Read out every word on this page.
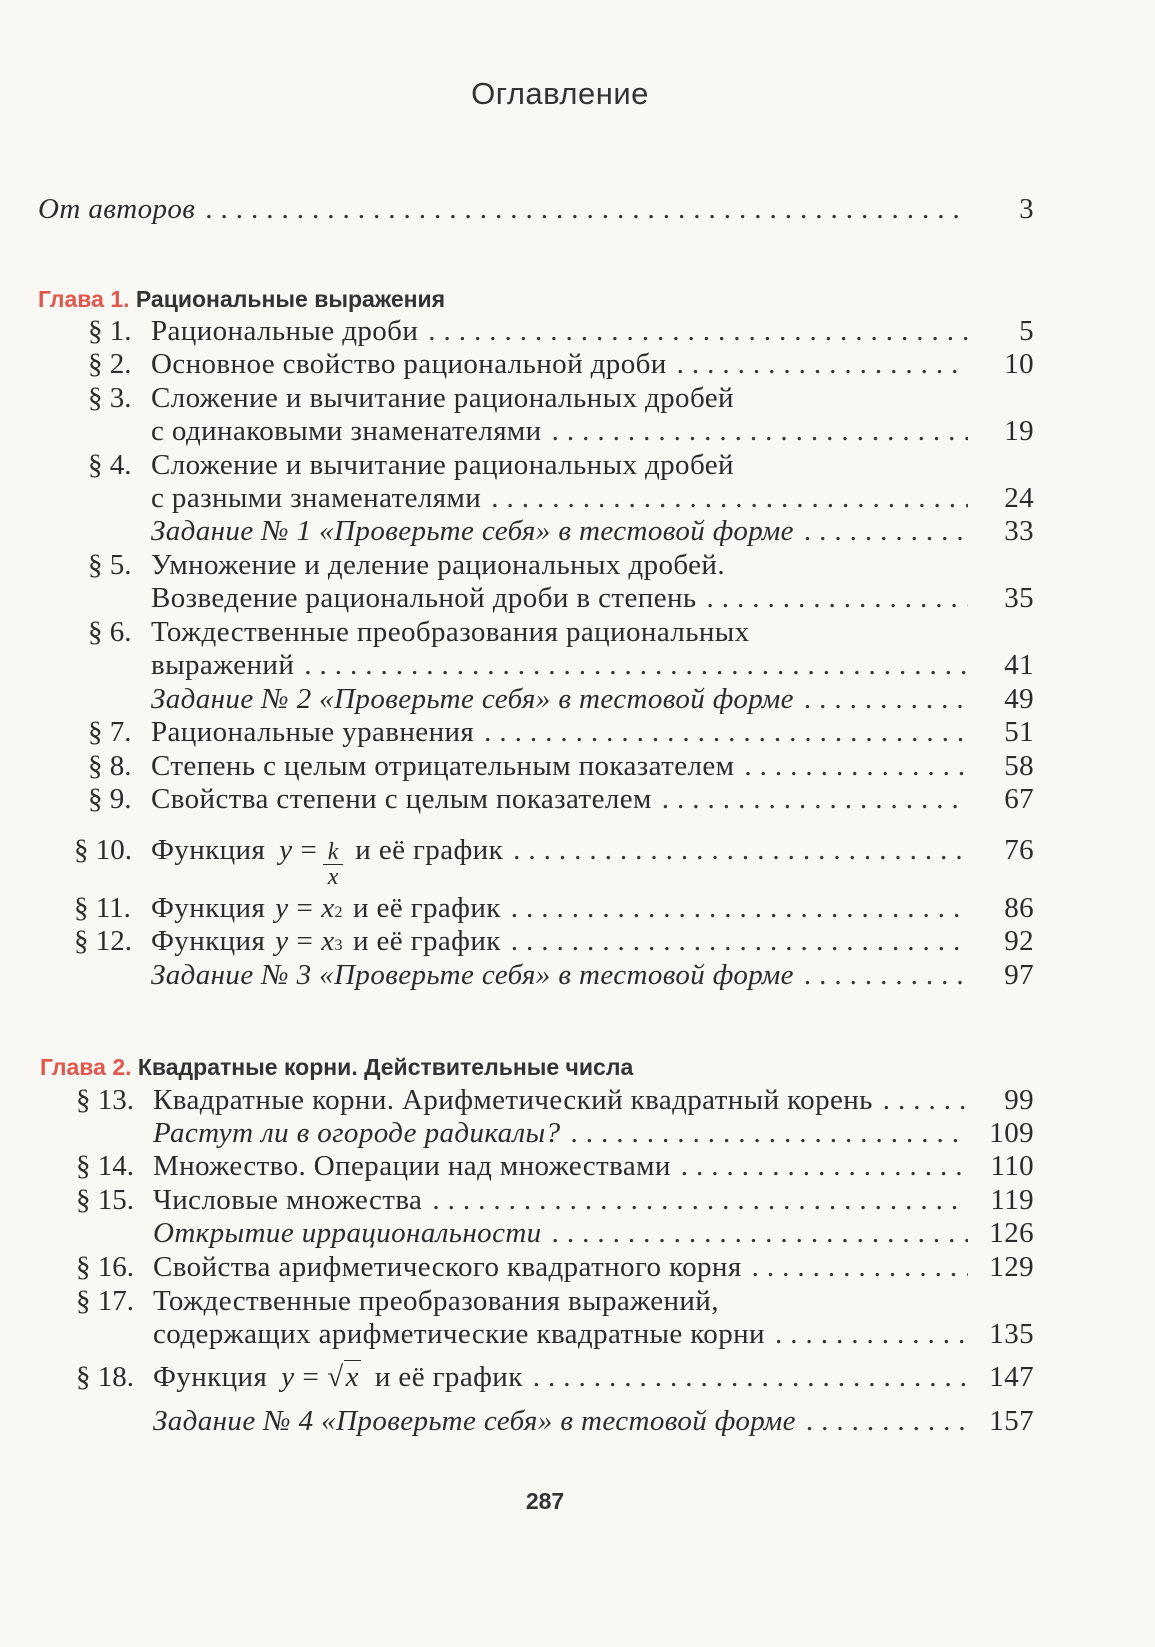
Оглавление
От авторов .....	3
Глава 1. Рациональные выражения
§ 1. Рациональные дроби .....	5
§ 2. Основное свойство рациональной дроби .....	10
§ 3. Сложение и вычитание рациональных дробей
с одинаковыми знаменателями .....	19
§ 4. Сложение и вычитание рациональных дробей
с разными знаменателями .....	24
Задание № 1 «Проверьте себя» в тестовой форме .....	33
§ 5. Умножение и деление рациональных дробей.
Возведение рациональной дроби в степень .....	35
§ 6. Тождественные преобразования рациональных
выражений .....	41
Задание № 2 «Проверьте себя» в тестовой форме .....	49
§ 7. Рациональные уравнения .....	51
§ 8. Степень с целым отрицательным показателем .....	58
§ 9. Свойства степени с целым показателем .....	67
§ 10. Функция $y = \frac{k}{x}$ и её график .....	76
§ 11. Функция y = x 2 и её график .....	86
§ 12. Функция y = x 3 и её график .....	92
Задание № 3 «Проверьте себя» в тестовой форме .....	97
Глава 2. Квадратные корни. Действительные числа
§ 13. Квадратные корни. Арифметический квадратный корень .....	99
Растут ли в огороде радикалы? .....	109
§ 14. Множество. Операции над множествами .....	110
§ 15. Числовые множества .....	119
Открытие иррациональности .....	126
§ 16. Свойства арифметического квадратного корня .....	129
§ 17. Тождественные преобразования выражений,
содержащих арифметические квадратные корни .....	135
§ 18. Функция y = √x и её график .....	147
Задание № 4 «Проверьте себя» в тестовой форме .....	157
287
